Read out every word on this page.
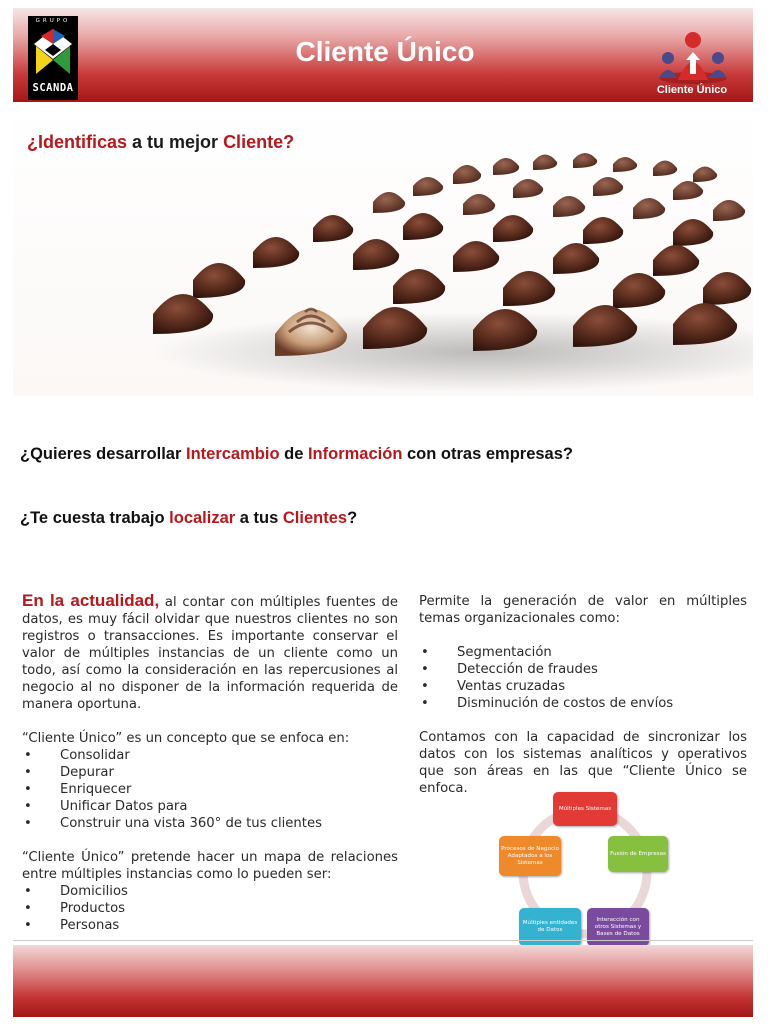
GRUPO
SCANDA
Cliente Único
Cliente Único
¿Identificas a tu mejor Cliente?
¿Quieres desarrollar Intercambio de Información con otras empresas?
¿Te cuesta trabajo localizar a tus Clientes?

En la actualidad, al contar con múltiples fuentes de datos, es muy fácil olvidar que nuestros clientes no son registros o transacciones. Es importante conservar el valor de múltiples instancias de un cliente como un todo, así como la consideración en las repercusiones al negocio al no disponer de la información requerida de manera oportuna.

“Cliente Único” es un concepto que se enfoca en:

• Consolidar
• Depurar
• Enriquecer
• Unificar Datos para
• Construir una vista 360° de tus clientes

“Cliente Único” pretende hacer un mapa de relaciones entre múltiples instancias como lo pueden ser:

• Domicilios
• Productos
• Personas

Permite la generación de valor en múltiples temas organizacionales como:

• Segmentación
• Detección de fraudes
• Ventas cruzadas
• Disminución de costos de envíos

Contamos con la capacidad de sincronizar los datos con los sistemas analíticos y operativos que son áreas en las que “Cliente Único se enfoca.

Múltiples Sistemas
Fusión de Empresas
Interacción con otros Sistemas y Bases de Datos
Múltiples entidades de Datos
Procesos de Negocio Adaptados a los Sistemas
